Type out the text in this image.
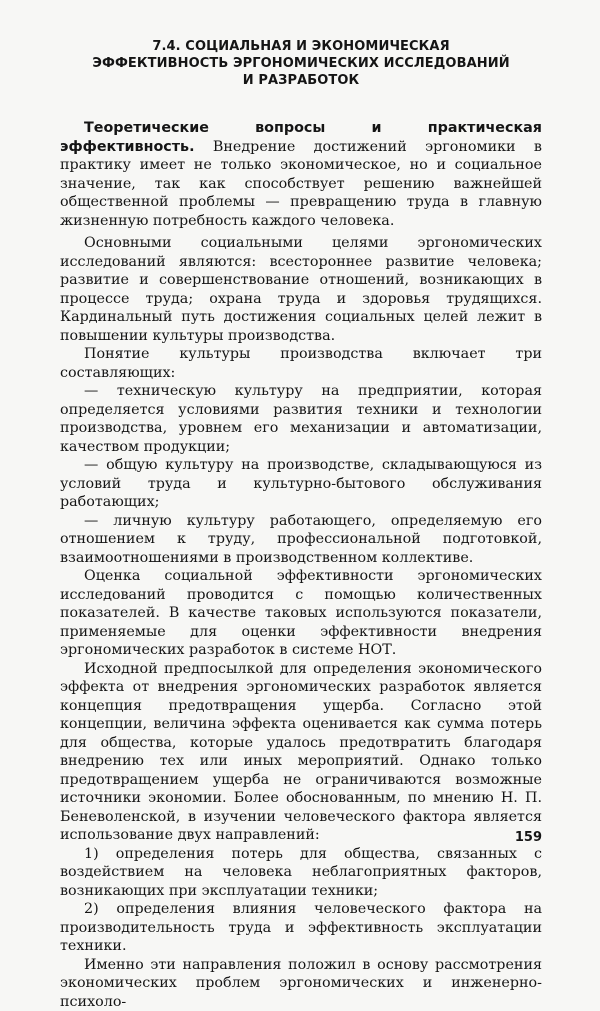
7.4. СОЦИАЛЬНАЯ И ЭКОНОМИЧЕСКАЯ
ЭФФЕКТИВНОСТЬ ЭРГОНОМИЧЕСКИХ ИССЛЕДОВАНИЙ
И РАЗРАБОТОК

Теоретические вопросы и практическая эффективность. Внедрение достижений эргономики в практику имеет не только экономическое, но и социальное значение, так как способствует решению важнейшей общественной проблемы — превращению труда в главную жизненную потребность каждого человека.

Основными социальными целями эргономических исследований являются: всестороннее развитие человека; развитие и совершенствование отношений, возникающих в процессе труда; охрана труда и здоровья трудящихся. Кардинальный путь достижения социальных целей лежит в повышении культуры производства.

Понятие культуры производства включает три составляющих:

— техническую культуру на предприятии, которая определяется условиями развития техники и технологии производства, уровнем его механизации и автоматизации, качеством продукции;

— общую культуру на производстве, складывающуюся из условий труда и культурно-бытового обслуживания работающих;

— личную культуру работающего, определяемую его отношением к труду, профессиональной подготовкой, взаимоотношениями в производственном коллективе.

Оценка социальной эффективности эргономических исследований проводится с помощью количественных показателей. В качестве таковых используются показатели, применяемые для оценки эффективности внедрения эргономических разработок в системе НОТ.

Исходной предпосылкой для определения экономического эффекта от внедрения эргономических разработок является концепция предотвращения ущерба. Согласно этой концепции, величина эффекта оценивается как сумма потерь для общества, которые удалось предотвратить благодаря внедрению тех или иных мероприятий. Однако только предотвращением ущерба не ограничиваются возможные источники экономии. Более обоснованным, по мнению Н. П. Беневоленской, в изучении человеческого фактора является использование двух направлений:

1) определения потерь для общества, связанных с воздействием на человека неблагоприятных факторов, возникающих при эксплуатации техники;

2) определения влияния человеческого фактора на производительность труда и эффективность эксплуатации техники.

Именно эти направления положил в основу рассмотрения экономических проблем эргономических и инженерно-психоло-

159
